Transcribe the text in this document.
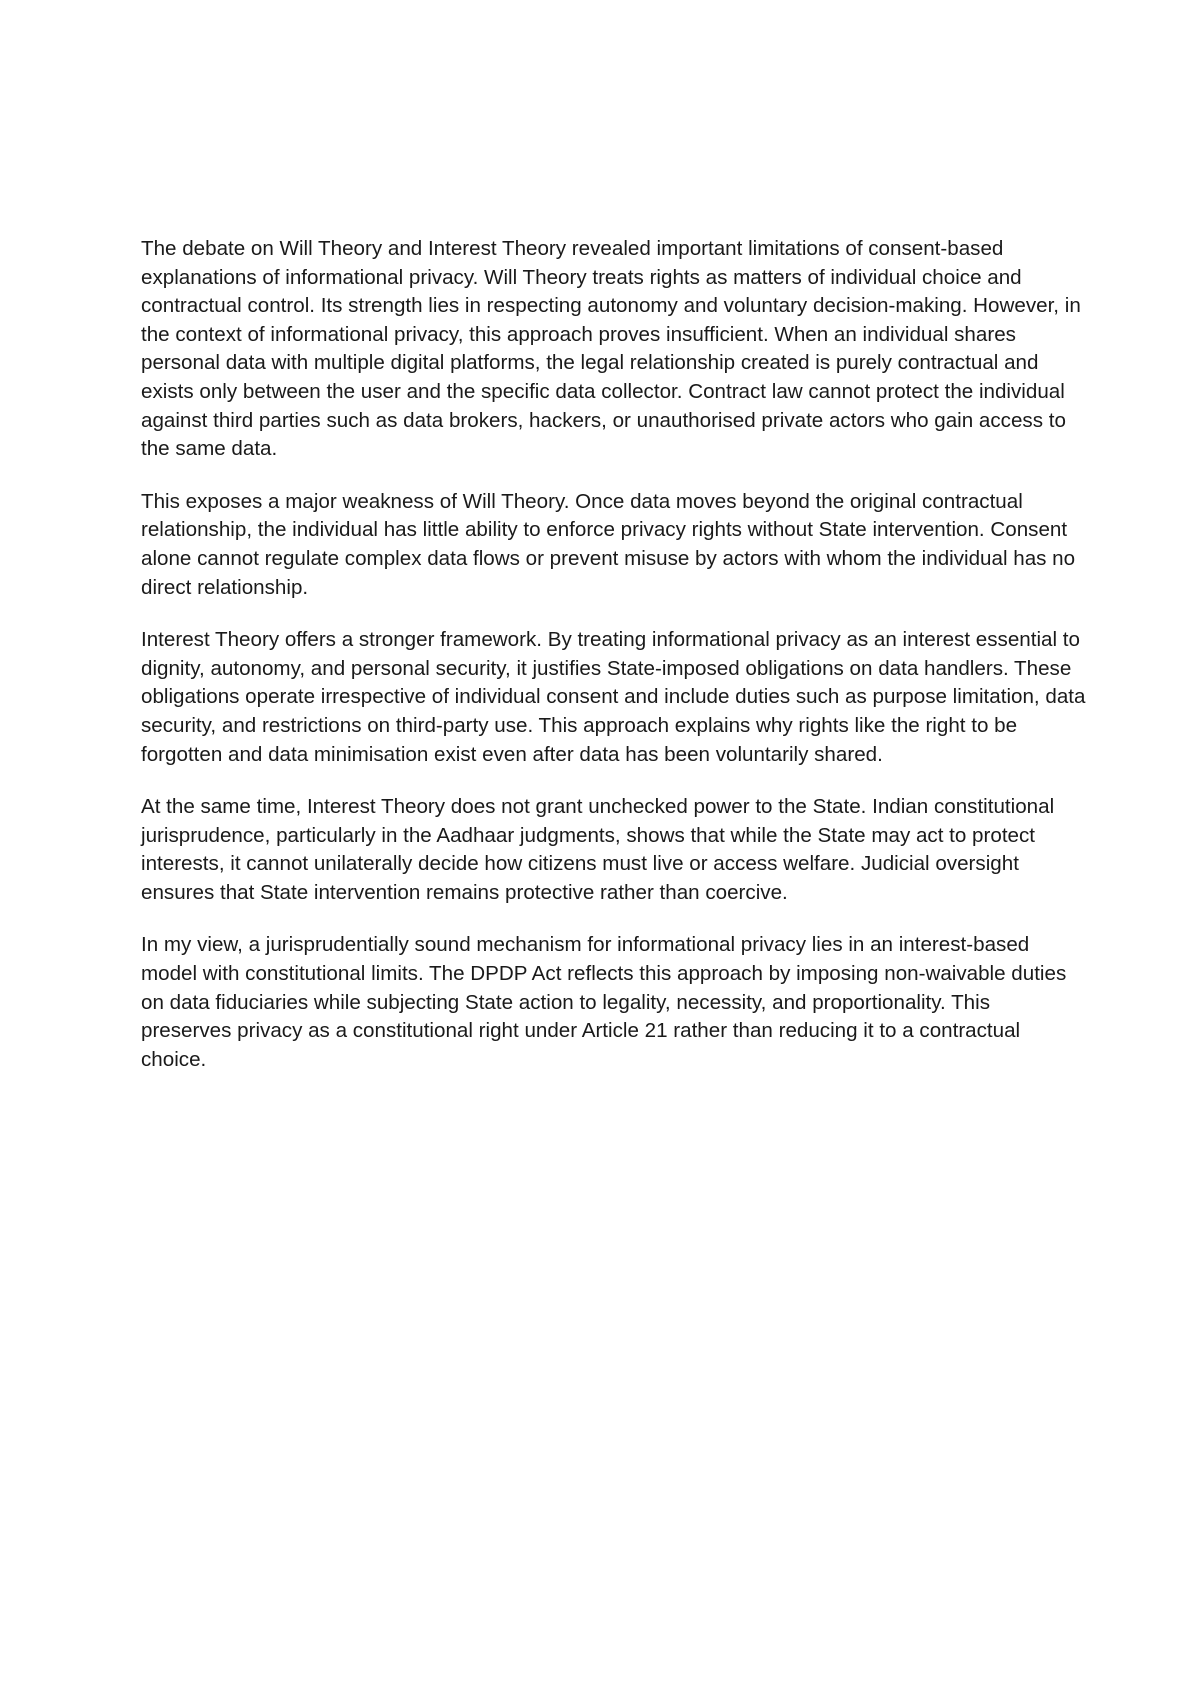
The debate on Will Theory and Interest Theory revealed important limitations of consent-based explanations of informational privacy. Will Theory treats rights as matters of individual choice and contractual control. Its strength lies in respecting autonomy and voluntary decision-making. However, in the context of informational privacy, this approach proves insufficient. When an individual shares personal data with multiple digital platforms, the legal relationship created is purely contractual and exists only between the user and the specific data collector. Contract law cannot protect the individual against third parties such as data brokers, hackers, or unauthorised private actors who gain access to the same data.

This exposes a major weakness of Will Theory. Once data moves beyond the original contractual relationship, the individual has little ability to enforce privacy rights without State intervention. Consent alone cannot regulate complex data flows or prevent misuse by actors with whom the individual has no direct relationship.

Interest Theory offers a stronger framework. By treating informational privacy as an interest essential to dignity, autonomy, and personal security, it justifies State-imposed obligations on data handlers. These obligations operate irrespective of individual consent and include duties such as purpose limitation, data security, and restrictions on third-party use. This approach explains why rights like the right to be forgotten and data minimisation exist even after data has been voluntarily shared.

At the same time, Interest Theory does not grant unchecked power to the State. Indian constitutional jurisprudence, particularly in the Aadhaar judgments, shows that while the State may act to protect interests, it cannot unilaterally decide how citizens must live or access welfare. Judicial oversight ensures that State intervention remains protective rather than coercive.

In my view, a jurisprudentially sound mechanism for informational privacy lies in an interest-based model with constitutional limits. The DPDP Act reflects this approach by imposing non-waivable duties on data fiduciaries while subjecting State action to legality, necessity, and proportionality. This preserves privacy as a constitutional right under Article 21 rather than reducing it to a contractual choice.
